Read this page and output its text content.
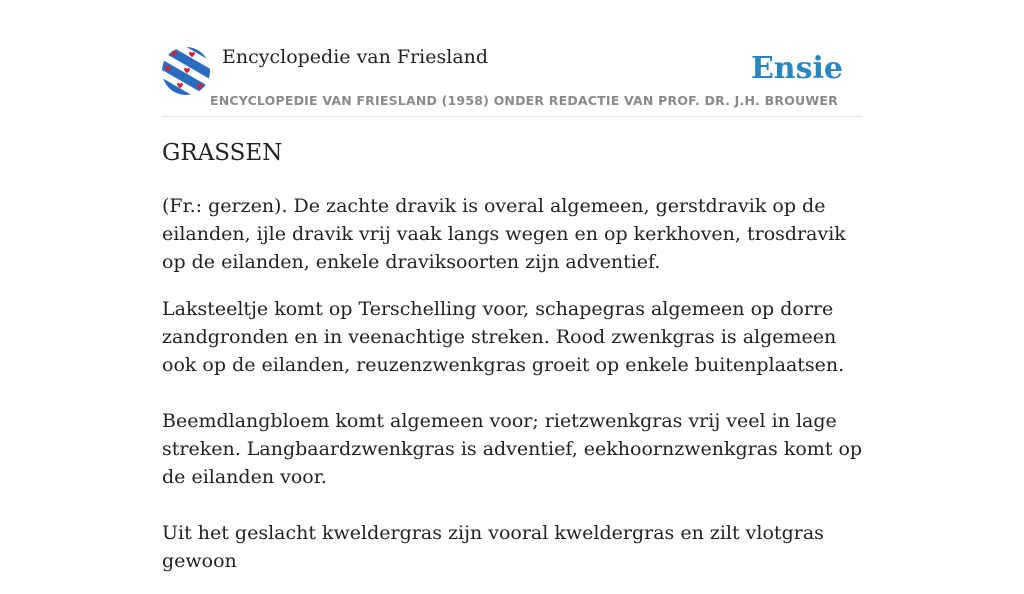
Encyclopedie van Friesland
ENCYCLOPEDIE VAN FRIESLAND (1958) ONDER REDACTIE VAN PROF. DR. J.H. BROUWER
Ensie
GRASSEN

(Fr.: gerzen). De zachte dravik is overal algemeen, gerstdravik op de eilanden, ijle dravik vrij vaak langs wegen en op kerkhoven, trosdravik op de eilanden, enkele draviksoorten zijn adventief.

Laksteeltje komt op Terschelling voor, schapegras algemeen op dorre zandgronden en in veenachtige streken. Rood zwenkgras is algemeen ook op de eilanden, reuzenzwenkgras groeit op enkele buitenplaatsen.

Beemdlangbloem komt algemeen voor; rietzwenkgras vrij veel in lage streken. Langbaardzwenkgras is adventief, eekhoornzwenkgras komt op de eilanden voor.

Uit het geslacht kweldergras zijn vooral kweldergras en zilt vlotgras gewoon
